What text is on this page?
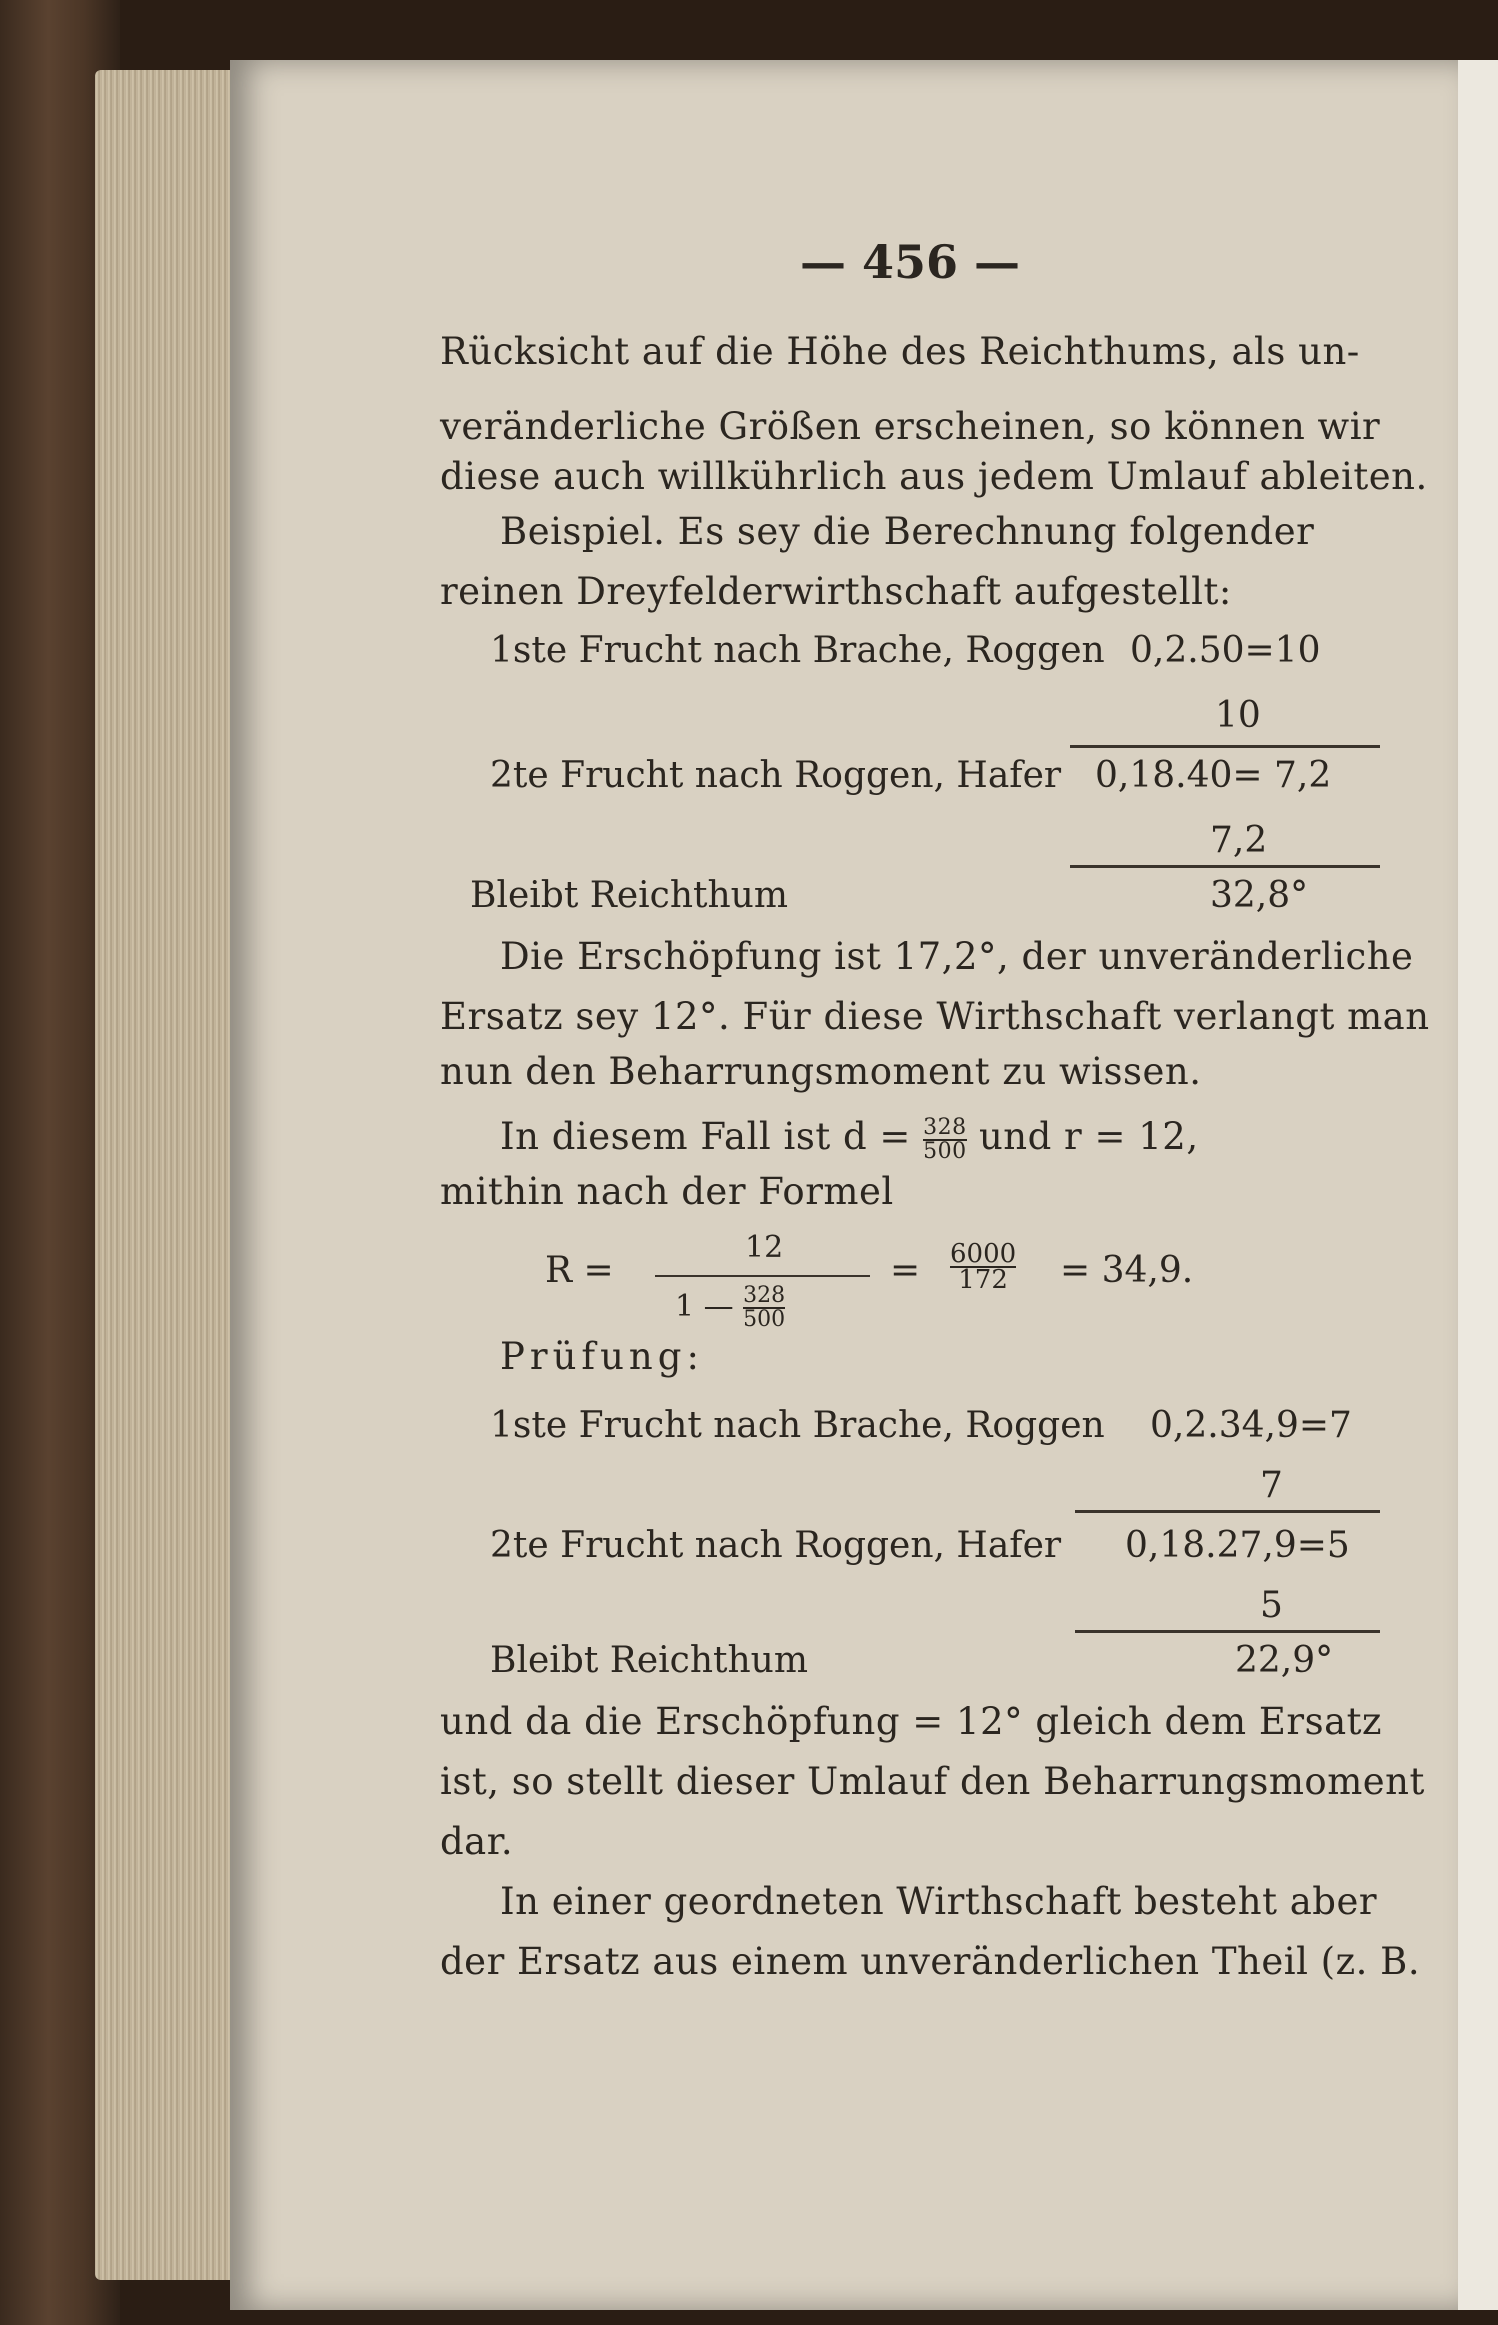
— 456 —
Rücksicht auf die Höhe des Reichthums, als un-
veränderliche Größen erscheinen, so können wir
diese auch willkührlich aus jedem Umlauf ableiten.
Beispiel. Es sey die Berechnung folgender
reinen Dreyfelderwirthschaft aufgestellt:
1ste Frucht nach Brache, Roggen 0,2.50=10
10
2te Frucht nach Roggen, Hafer 0,18.40= 7,2
7,2
Bleibt Reichthum	32,8°
Die Erschöpfung ist 17,2°, der unveränderliche
Ersatz sey 12°. Für diese Wirthschaft verlangt man
nun den Beharrungsmoment zu wissen.
In diesem Fall ist $d = \frac{328}{500}$ und r = 12,
mithin nach der Formel
R =
12
1 — $\frac{328}{500}$
= $\frac{6000}{172} = 34,9$.
Prüfung:
1ste Frucht nach Brache, Roggen 0,2.34,9=7
7
2te Frucht nach Roggen, Hafer 0,18.27,9=5
5
Bleibt Reichthum	22,9°
und da die Erschöpfung = 12° gleich dem Ersatz
ist, so stellt dieser Umlauf den Beharrungsmoment
dar.
In einer geordneten Wirthschaft besteht aber
der Ersatz aus einem unveränderlichen Theil (z. B.
